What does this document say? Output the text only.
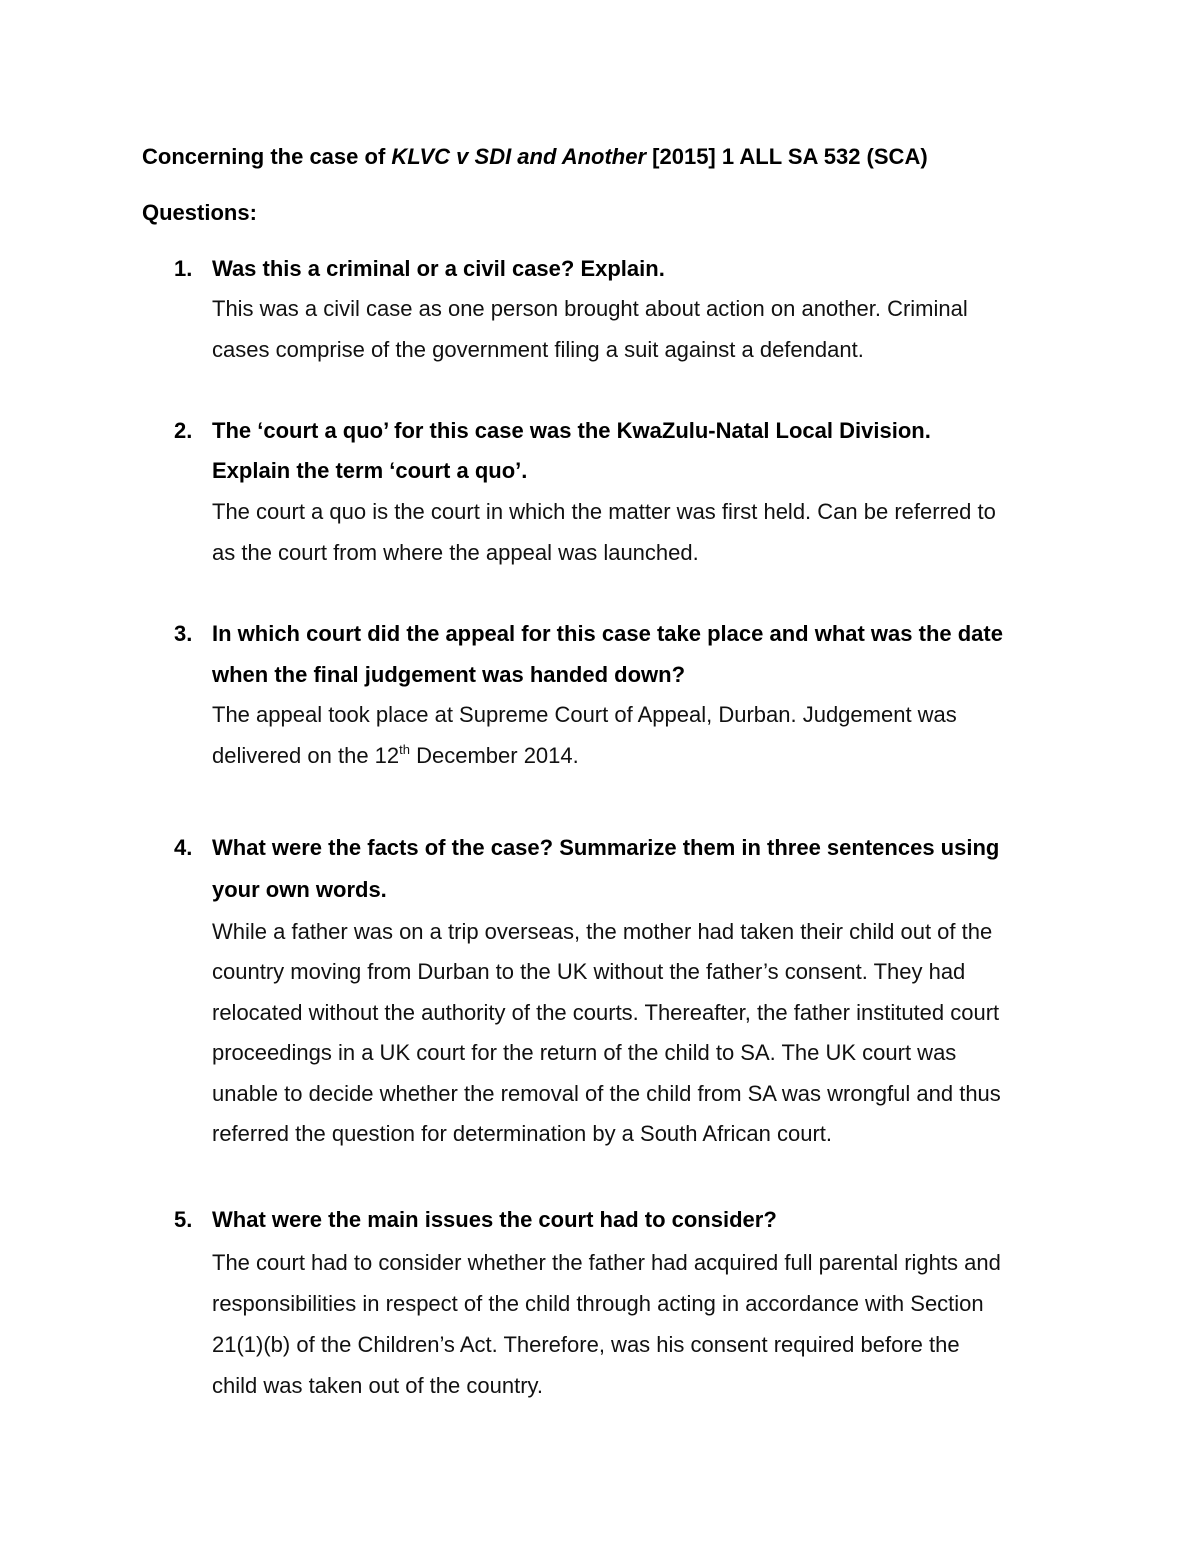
Concerning the case of KLVC v SDI and Another [2015] 1 ALL SA 532 (SCA)
Questions:
1. Was this a criminal or a civil case? Explain.
This was a civil case as one person brought about action on another. Criminal
cases comprise of the government filing a suit against a defendant.
2. The ‘court a quo’ for this case was the KwaZulu-Natal Local Division.
Explain the term ‘court a quo’.
The court a quo is the court in which the matter was first held. Can be referred to
as the court from where the appeal was launched.
3. In which court did the appeal for this case take place and what was the date
when the final judgement was handed down?
The appeal took place at Supreme Court of Appeal, Durban. Judgement was
delivered on the 12th December 2014.
4. What were the facts of the case? Summarize them in three sentences using
your own words.
While a father was on a trip overseas, the mother had taken their child out of the
country moving from Durban to the UK without the father’s consent. They had
relocated without the authority of the courts. Thereafter, the father instituted court
proceedings in a UK court for the return of the child to SA. The UK court was
unable to decide whether the removal of the child from SA was wrongful and thus
referred the question for determination by a South African court.
5. What were the main issues the court had to consider?
The court had to consider whether the father had acquired full parental rights and
responsibilities in respect of the child through acting in accordance with Section
21(1)(b) of the Children’s Act. Therefore, was his consent required before the
child was taken out of the country.
